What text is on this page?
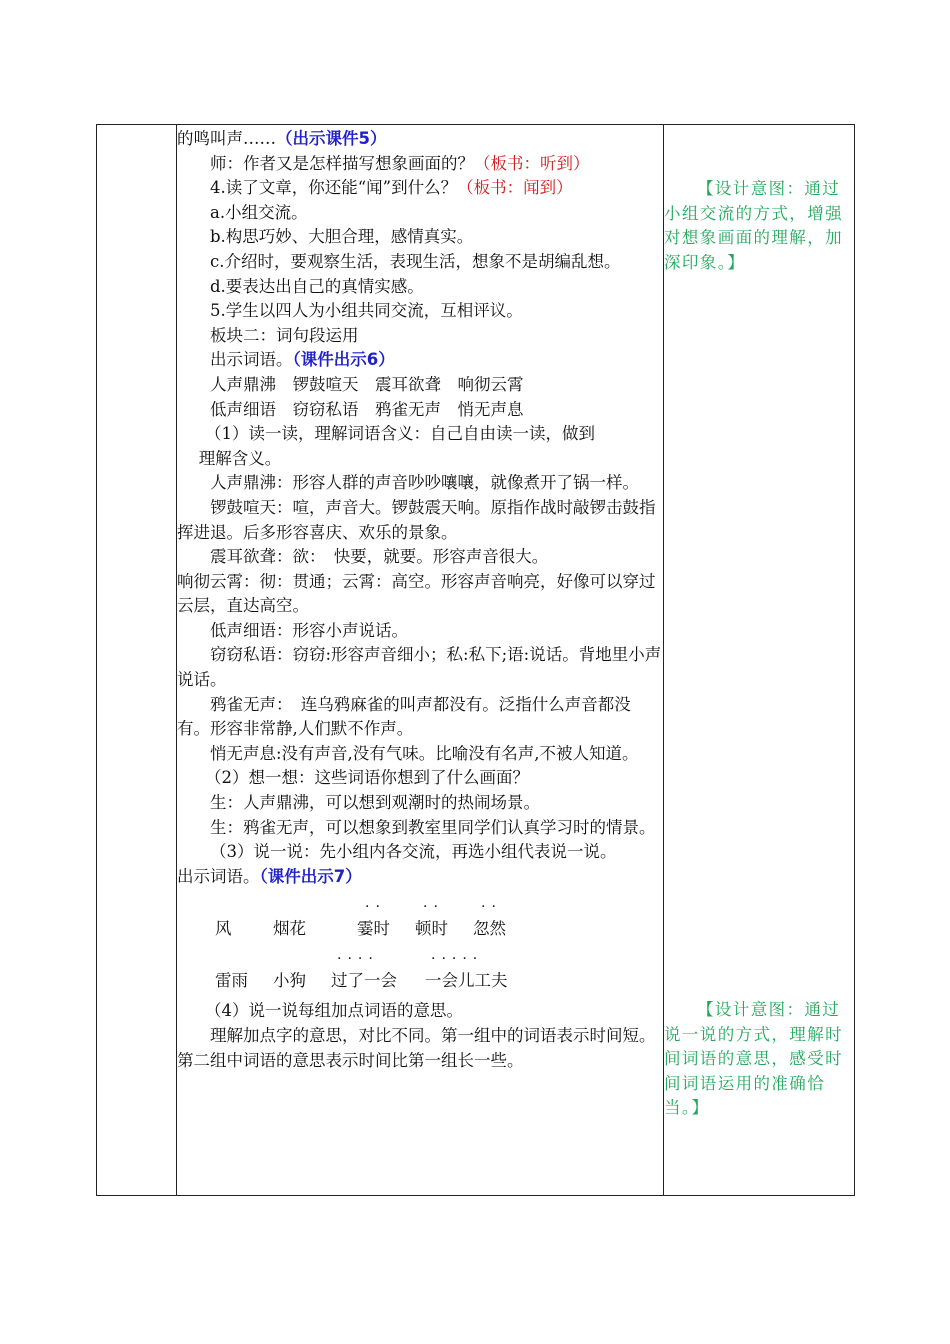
的鸣叫声……（出示课件5）

师：作者又是怎样描写想象画面的？（板书：听到）

4.读了文章，你还能“闻”到什么？（板书：闻到）

a.小组交流。

b.构思巧妙、大胆合理，感情真实。

c.介绍时，要观察生活，表现生活，想象不是胡编乱想。

d.要表达出自己的真情实感。

5.学生以四人为小组共同交流，互相评议。

板块二：词句段运用

出示词语。（课件出示6）

人声鼎沸　锣鼓喧天　震耳欲聋　响彻云霄

低声细语　窃窃私语　鸦雀无声　悄无声息

（1）读一读，理解词语含义：自己自由读一读，做到

　 理解含义。

人声鼎沸：形容人群的声音吵吵嚷嚷，就像煮开了锅一样。

锣鼓喧天：喧，声音大。锣鼓震天响。原指作战时敲锣击鼓指挥进退。后多形容喜庆、欢乐的景象。

震耳欲聋：欲：　快要，就要。形容声音很大。

响彻云霄：彻：贯通；云霄：高空。形容声音响亮，好像可以穿过云层，直达高空。

低声细语：形容小声说话。

窃窃私语：窃窃:形容声音细小；私:私下;语:说话。背地里小声说话。

鸦雀无声：　连乌鸦麻雀的叫声都没有。泛指什么声音都没有。形容非常静,人们默不作声。

悄无声息:没有声音,没有气味。比喻没有名声,不被人知道。

（2）想一想：这些词语你想到了什么画面？

生：人声鼎沸，可以想到观潮时的热闹场景。

生：鸦雀无声，可以想象到教室里同学们认真学习时的情景。

（3）说一说：先小组内各交流，再选小组代表说一说。

出示词语。（课件出示7）

风	烟花
..
霎时
..
顿时
..
忽然
雷雨 小狗
....
过了一会
.....
一会儿工夫

（4）说一说每组加点词语的意思。

理解加点字的意思，对比不同。第一组中的词语表示时间短。第二组中词语的意思表示时间比第一组长一些。

【设计意图：通过小组交流的方式，增强对想象画面的理解，加深印象。】

【设计意图：通过说一说的方式，理解时间词语的意思，感受时间词语运用的准确恰当。】
